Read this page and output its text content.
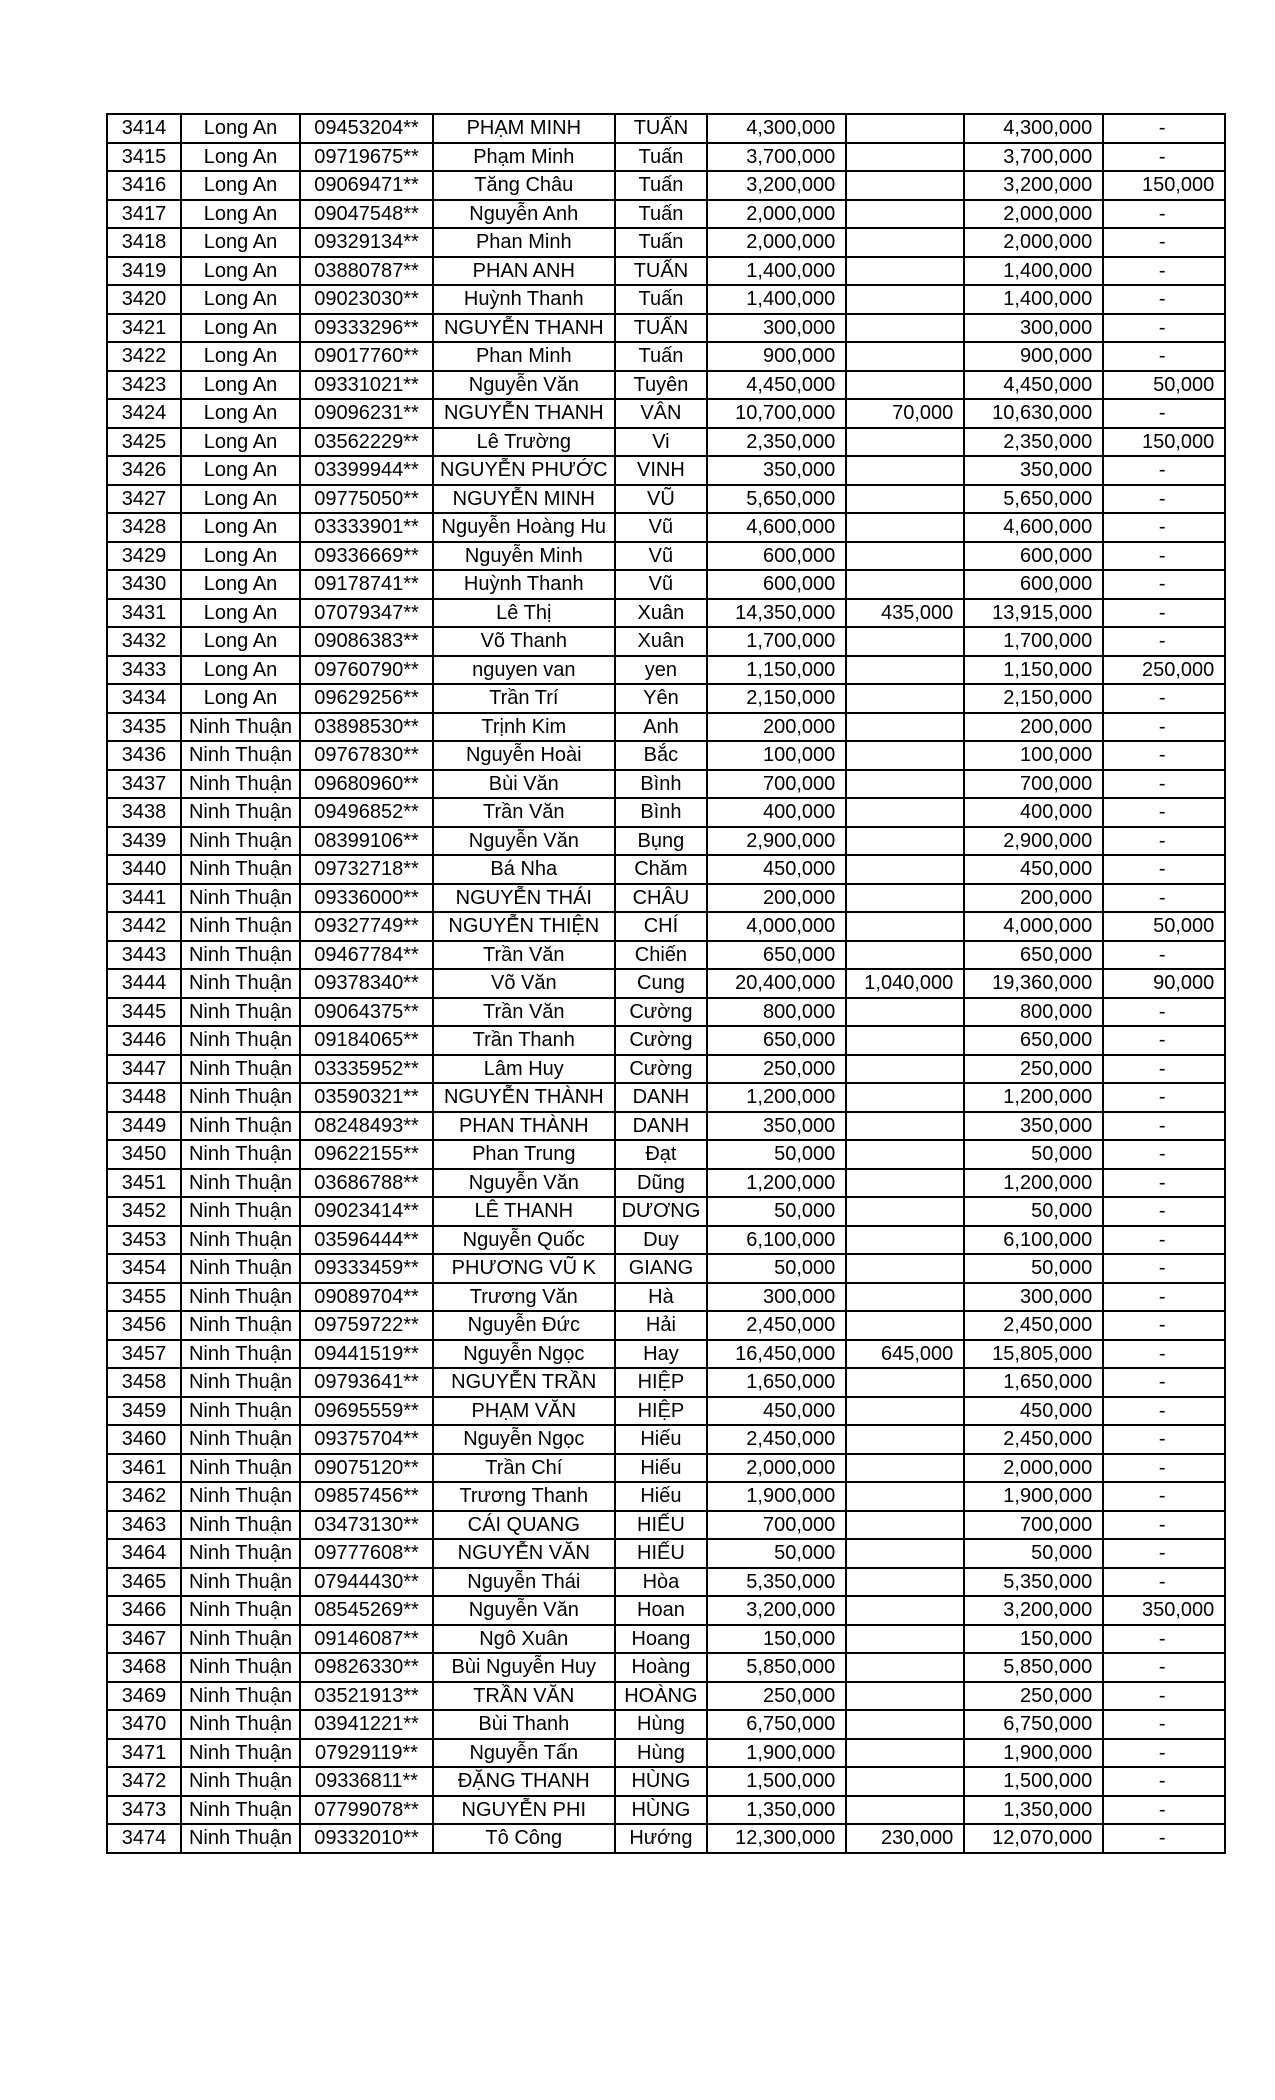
3414	Long An	09453204**	PHẠM MINH	TUẤN	4,300,000		4,300,000	-
3415	Long An	09719675**	Phạm Minh	Tuấn	3,700,000		3,700,000	-
3416	Long An	09069471**	Tăng Châu	Tuấn	3,200,000		3,200,000	150,000
3417	Long An	09047548**	Nguyễn Anh	Tuấn	2,000,000		2,000,000	-
3418	Long An	09329134**	Phan Minh	Tuấn	2,000,000		2,000,000	-
3419	Long An	03880787**	PHAN ANH	TUẤN	1,400,000		1,400,000	-
3420	Long An	09023030**	Huỳnh Thanh	Tuấn	1,400,000		1,400,000	-
3421	Long An	09333296**	NGUYỄN THANH	TUẤN	300,000		300,000	-
3422	Long An	09017760**	Phan Minh	Tuấn	900,000		900,000	-
3423	Long An	09331021**	Nguyễn Văn	Tuyên	4,450,000		4,450,000	50,000
3424	Long An	09096231**	NGUYỄN THANH	VÂN	10,700,000	70,000	10,630,000	-
3425	Long An	03562229**	Lê Trường	Vi	2,350,000		2,350,000	150,000
3426	Long An	03399944**	NGUYỄN PHƯỚC	VINH	350,000		350,000	-
3427	Long An	09775050**	NGUYỄN MINH	VŨ	5,650,000		5,650,000	-
3428	Long An	03333901**	Nguyễn Hoàng Hu	Vũ	4,600,000		4,600,000	-
3429	Long An	09336669**	Nguyễn Minh	Vũ	600,000		600,000	-
3430	Long An	09178741**	Huỳnh Thanh	Vũ	600,000		600,000	-
3431	Long An	07079347**	Lê Thị	Xuân	14,350,000	435,000	13,915,000	-
3432	Long An	09086383**	Võ Thanh	Xuân	1,700,000		1,700,000	-
3433	Long An	09760790**	nguyen van	yen	1,150,000		1,150,000	250,000
3434	Long An	09629256**	Trần Trí	Yên	2,150,000		2,150,000	-
3435	Ninh Thuận	03898530**	Trịnh Kim	Anh	200,000		200,000	-
3436	Ninh Thuận	09767830**	Nguyễn Hoài	Bắc	100,000		100,000	-
3437	Ninh Thuận	09680960**	Bùi Văn	Bình	700,000		700,000	-
3438	Ninh Thuận	09496852**	Trần Văn	Bình	400,000		400,000	-
3439	Ninh Thuận	08399106**	Nguyễn Văn	Bụng	2,900,000		2,900,000	-
3440	Ninh Thuận	09732718**	Bá Nha	Chăm	450,000		450,000	-
3441	Ninh Thuận	09336000**	NGUYỄN THÁI	CHÂU	200,000		200,000	-
3442	Ninh Thuận	09327749**	NGUYỄN THIỆN	CHÍ	4,000,000		4,000,000	50,000
3443	Ninh Thuận	09467784**	Trần Văn	Chiến	650,000		650,000	-
3444	Ninh Thuận	09378340**	Võ Văn	Cung	20,400,000	1,040,000	19,360,000	90,000
3445	Ninh Thuận	09064375**	Trần Văn	Cường	800,000		800,000	-
3446	Ninh Thuận	09184065**	Trần Thanh	Cường	650,000		650,000	-
3447	Ninh Thuận	03335952**	Lâm Huy	Cường	250,000		250,000	-
3448	Ninh Thuận	03590321**	NGUYỄN THÀNH	DANH	1,200,000		1,200,000	-
3449	Ninh Thuận	08248493**	PHAN THÀNH	DANH	350,000		350,000	-
3450	Ninh Thuận	09622155**	Phan Trung	Đạt	50,000		50,000	-
3451	Ninh Thuận	03686788**	Nguyễn Văn	Dũng	1,200,000		1,200,000	-
3452	Ninh Thuận	09023414**	LÊ THANH	DƯƠNG	50,000		50,000	-
3453	Ninh Thuận	03596444**	Nguyễn Quốc	Duy	6,100,000		6,100,000	-
3454	Ninh Thuận	09333459**	PHƯƠNG VŨ K	GIANG	50,000		50,000	-
3455	Ninh Thuận	09089704**	Trương Văn	Hà	300,000		300,000	-
3456	Ninh Thuận	09759722**	Nguyễn Đức	Hải	2,450,000		2,450,000	-
3457	Ninh Thuận	09441519**	Nguyễn Ngọc	Hay	16,450,000	645,000	15,805,000	-
3458	Ninh Thuận	09793641**	NGUYỄN TRẦN	HIỆP	1,650,000		1,650,000	-
3459	Ninh Thuận	09695559**	PHẠM VĂN	HIỆP	450,000		450,000	-
3460	Ninh Thuận	09375704**	Nguyễn Ngọc	Hiếu	2,450,000		2,450,000	-
3461	Ninh Thuận	09075120**	Trần Chí	Hiếu	2,000,000		2,000,000	-
3462	Ninh Thuận	09857456**	Trương Thanh	Hiếu	1,900,000		1,900,000	-
3463	Ninh Thuận	03473130**	CÁI QUANG	HIẾU	700,000		700,000	-
3464	Ninh Thuận	09777608**	NGUYỄN VĂN	HIẾU	50,000		50,000	-
3465	Ninh Thuận	07944430**	Nguyễn Thái	Hòa	5,350,000		5,350,000	-
3466	Ninh Thuận	08545269**	Nguyễn Văn	Hoan	3,200,000		3,200,000	350,000
3467	Ninh Thuận	09146087**	Ngô Xuân	Hoang	150,000		150,000	-
3468	Ninh Thuận	09826330**	Bùi Nguyễn Huy	Hoàng	5,850,000		5,850,000	-
3469	Ninh Thuận	03521913**	TRẦN VĂN	HOÀNG	250,000		250,000	-
3470	Ninh Thuận	03941221**	Bùi Thanh	Hùng	6,750,000		6,750,000	-
3471	Ninh Thuận	07929119**	Nguyễn Tấn	Hùng	1,900,000		1,900,000	-
3472	Ninh Thuận	09336811**	ĐẶNG THANH	HÙNG	1,500,000		1,500,000	-
3473	Ninh Thuận	07799078**	NGUYỄN PHI	HÙNG	1,350,000		1,350,000	-
3474	Ninh Thuận	09332010**	Tô Công	Hướng	12,300,000	230,000	12,070,000	-
